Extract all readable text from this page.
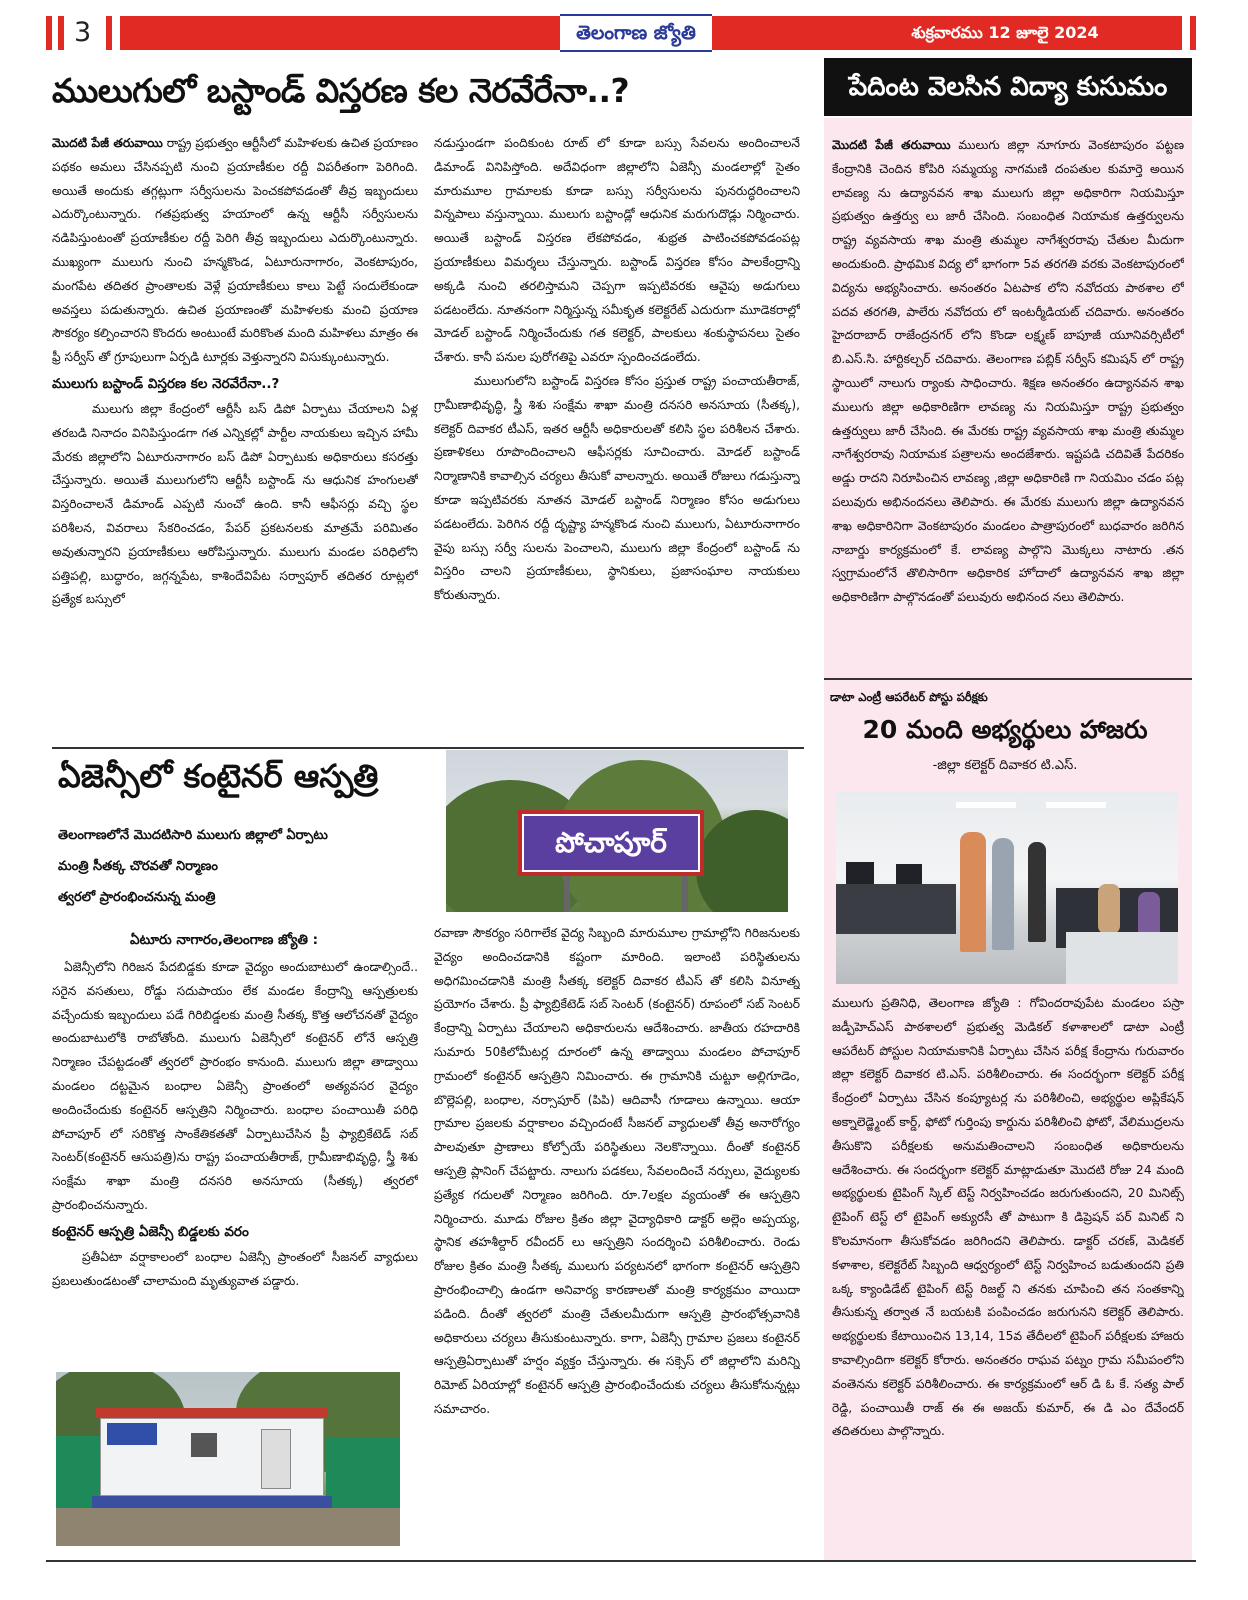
3	తెలంగాణ జ్యోతి	శుక్రవారము 12 జూలై 2024
ములుగులో బస్టాండ్ విస్తరణ కల నెరవేరేనా..?

మొదటి పేజీ తరువాయి రాష్ట్ర ప్రభుత్వం ఆర్టీసీలో మహిళలకు ఉచిత ప్రయాణం పథకం అమలు చేసినప్పటి నుంచి ప్రయాణీకుల రద్దీ విపరీతంగా పెరిగింది. అయితే అందుకు తగ్గట్లుగా సర్వీసులను పెంచకపోవడంతో తీవ్ర ఇబ్బందులు ఎదుర్కొంటున్నారు. గతప్రభుత్వ హయాంలో ఉన్న ఆర్టీసీ సర్వీసులను నడిపిస్తుంటంతో ప్రయాణీకుల రద్దీ పెరిగి తీవ్ర ఇబ్బందులు ఎదుర్కొంటున్నారు. ముఖ్యంగా ములుగు నుంచి హన్మకొండ, ఏటూరునాగారం, వెంకటాపురం, మంగపేట తదితర ప్రాంతాలకు వెళ్లే ప్రయాణీకులు కాలు పెట్టే సందులేకుండా అవస్తలు పడుతున్నారు. ఉచిత ప్రయాణంతో మహిళలకు మంచి ప్రయాణ సౌకర్యం కల్పించారని కొందరు అంటుంటే మరికొంత మంది మహిళలు మాత్రం ఈ ఫ్రీ సర్వీస్ తో గ్రూపులుగా ఏర్పడి టూర్లకు వెళ్తున్నారని విసుక్కుంటున్నారు.

ములుగు బస్టాండ్ విస్తరణ కల నెరవేరేనా..?

ములుగు జిల్లా కేంద్రంలో ఆర్టీసీ బస్ డిపో ఏర్పాటు చేయాలని ఏళ్ల తరబడి నినాదం వినిపిస్తుండగా గత ఎన్నికల్లో పార్టీల నాయకులు ఇచ్చిన హామీ మేరకు జిల్లాలోని ఏటూరునాగారం బస్ డిపో ఏర్పాటుకు అధికారులు కసరత్తు చేస్తున్నారు. అయితే ములుగులోని ఆర్టీసీ బస్టాండ్ ను ఆధునిక హంగులతో విస్తరించాలనే డిమాండ్ ఎప్పటి నుంచో ఉంది. కానీ ఆఫీసర్లు వచ్చి స్థల పరిశీలన, వివరాలు సేకరించడం, పేపర్ ప్రకటనలకు మాత్రమే పరిమితం అవుతున్నారని ప్రయాణీకులు ఆరోపిస్తున్నారు. ములుగు మండల పరిధిలోని పత్తిపల్లి, బుద్ధారం, జగ్గన్నపేట, కాశిందేవిపేట సర్వాపూర్ తదితర రూట్లలో ప్రత్యేక బస్సులో

నడుస్తుండగా పందికుంట రూట్ లో కూడా బస్సు సేవలను అందించాలనే డిమాండ్ వినిపిస్తోంది. అదేవిధంగా జిల్లాలోని ఏజెన్సీ మండలాల్లో సైతం మారుమూల గ్రామాలకు కూడా బస్సు సర్వీసులను పునరుద్ధరించాలని విన్నపాలు వస్తున్నాయి. ములుగు బస్టాండ్లో ఆధునిక మరుగుదొడ్లు నిర్మించారు. అయితే బస్టాండ్ విస్తరణ లేకపోవడం, శుభ్రత పాటించకపోవడంపట్ల ప్రయాణీకులు విమర్శలు చేస్తున్నారు. బస్టాండ్ విస్తరణ కోసం పాలకేంద్రాన్ని అక్కడి నుంచి తరలిస్తామని చెప్పగా ఇప్పటివరకు ఆవైపు అడుగులు పడటంలేదు. నూతనంగా నిర్మిస్తున్న సమీకృత కలెక్టరేట్ ఎదురుగా మూడెకరాల్లో మోడల్ బస్టాండ్ నిర్మించేందుకు గత కలెక్టర్, పాలకులు శంకుస్థాపనలు సైతం చేశారు. కానీ పనుల పురోగతిపై ఎవరూ స్పందించడంలేదు.

ములుగులోని బస్టాండ్ విస్తరణ కోసం ప్రస్తుత రాష్ట్ర పంచాయతీరాజ్, గ్రామీణాభివృద్ధి, స్త్రీ శిశు సంక్షేమ శాఖా మంత్రి దనసరి అనసూయ (సీతక్క), కలెక్టర్ దివాకర టీఎస్, ఇతర ఆర్టీసీ అధికారులతో కలిసి స్థల పరిశీలన చేశారు. ప్రణాళికలు రూపొందించాలని ఆఫీసర్లకు సూచించారు. మోడల్ బస్టాండ్ నిర్మాణానికి కావాల్సిన చర్యలు తీసుకో వాలన్నారు. అయితే రోజులు గడుస్తున్నా కూడా ఇప్పటివరకు నూతన మోడల్ బస్టాండ్ నిర్మాణం కోసం అడుగులు పడటంలేదు. పెరిగిన రద్దీ దృష్ట్యా హన్మకొండ నుంచి ములుగు, ఏటూరునాగారం వైపు బస్సు సర్వీ సులను పెంచాలని, ములుగు జిల్లా కేంద్రంలో బస్టాండ్ ను విస్తరిం చాలని ప్రయాణీకులు, స్థానికులు, ప్రజాసంఘాల నాయకులు కోరుతున్నారు.

ఏజెన్సీలో కంటైనర్ ఆస్పత్రి
తెలంగాణలోనే మొదటిసారి ములుగు జిల్లాలో ఏర్పాటు
మంత్రి సీతక్క చొరవతో నిర్మాణం
త్వరలో ప్రారంభించనున్న మంత్రి
ఏటూరు నాగారం,తెలంగాణ జ్యోతి :

ఏజెన్సీలోని గిరిజన పేదబిడ్డకు కూడా వైద్యం అందుబాటులో ఉండాల్సిందే.. సరైన వసతులు, రోడ్డు సదుపాయం లేక మండల కేంద్రాన్ని ఆస్పత్రులకు వచ్చేందుకు ఇబ్బందులు పడే గిరిబిడ్డలకు మంత్రి సీతక్క కొత్త ఆలోచనతో వైద్యం అందుబాటులోకి రాబోతోంది. ములుగు ఏజెన్సీలో కంటైనర్ లోనే ఆస్పత్రి నిర్మాణం చేపట్టడంతో త్వరలో ప్రారంభం కానుంది. ములుగు జిల్లా తాడ్వాయి మండలం దట్టమైన బంధాల ఏజెన్సీ ప్రాంతంలో అత్యవసర వైద్యం అందించేందుకు కంటైనర్ ఆస్పత్రిని నిర్మించారు. బంధాల పంచాయితీ పరిధి పోచాపూర్ లో సరికొత్త సాంకేతికతతో ఏర్పాటుచేసిన ప్రీ ఫ్యాబ్రికేటెడ్ సబ్ సెంటర్(కంటైనర్ ఆసుపత్రి)ను రాష్ట్ర పంచాయతీరాజ్, గ్రామీణాభివృద్ధి, స్త్రీ శిశు సంక్షేమ శాఖా మంత్రి దనసరి అనసూయ (సీతక్క) త్వరలో ప్రారంభించనున్నారు.

కంటైనర్ ఆస్పత్రి ఏజెన్సీ బిడ్డలకు వరం

ప్రతీఏటా వర్షాకాలంలో బంధాల ఏజెన్సీ ప్రాంతంలో సీజనల్ వ్యాధులు ప్రబలుతుండటంతో చాలామంది మృత్యువాత పడ్డారు.

పోచాపూర్

రవాణా సౌకర్యం సరిగాలేక వైద్య సిబ్బంది మారుమూల గ్రామాల్లోని గిరిజనులకు వైద్యం అందించడానికి కష్టంగా మారింది. ఇలాంటి పరిస్థితులను అధిగమించడానికి మంత్రి సీతక్క కలెక్టర్ దివాకర టీఎస్ తో కలిసి వినూత్న ప్రయోగం చేశారు. ప్రీ ఫ్యాబ్రికేటెడ్ సబ్ సెంటర్ (కంటైనర్) రూపంలో సబ్ సెంటర్ కేంద్రాన్ని ఏర్పాటు చేయాలని అధికారులను ఆదేశించారు. జాతీయ రహదారికి సుమారు 50కిలోమీటర్ల దూరంలో ఉన్న తాడ్వాయి మండలం పోచాపూర్ గ్రామంలో కంటైనర్ ఆస్పత్రిని నిమించారు. ఈ గ్రామానికి చుట్టూ అల్లిగూడెం, బొల్లెపల్లి, బంధాల, నర్సాపూర్ (పిపి) ఆదివాసీ గూడాలు ఉన్నాయి. ఆయా గ్రామాల ప్రజలకు వర్షాకాలం వచ్చిందంటే సీజనల్ వ్యాధులతో తీవ్ర అనారోగ్యం పాలవుతూ ప్రాణాలు కోల్పోయే పరిస్థితులు నెలకొన్నాయి. దీంతో కంటైనర్ ఆస్పత్రి ప్లానింగ్ చేపట్టారు. నాలుగు పడకలు, సేవలందించే నర్సులు, వైద్యులకు ప్రత్యేక గదులతో నిర్మాణం జరిగింది. రూ.7లక్షల వ్యయంతో ఈ ఆస్పత్రిని నిర్మించారు. మూడు రోజుల క్రితం జిల్లా వైద్యాధికారి డాక్టర్ అల్లెం అప్పయ్య, స్థానిక తహశీల్దార్ రవీందర్ లు ఆస్పత్రిని సందర్శించి పరిశీలించారు. రెండు రోజుల క్రితం మంత్రి సీతక్క ములుగు పర్యటనలో భాగంగా కంటైనర్ ఆస్పత్రిని ప్రారంభించాల్సి ఉండగా అనివార్య కారణాలతో మంత్రి కార్యక్రమం వాయిదా పడింది. దీంతో త్వరలో మంత్రి చేతులమీదుగా ఆస్పత్రి ప్రారంభోత్సవానికి అధికారులు చర్యలు తీసుకుంటున్నారు. కాగా, ఏజెన్సీ గ్రామాల ప్రజలు కంటైనర్ ఆస్పత్రిఏర్పాటుతో హర్షం వ్యక్తం చేస్తున్నారు. ఈ సక్సెస్ లో జిల్లాలోని మరిన్ని రిమోట్ ఏరియాల్లో కంటైనర్ ఆస్పత్రి ప్రారంభించేందుకు చర్యలు తీసుకోనున్నట్లు సమాచారం.

పేదింట వెలసిన విద్యా కుసుమం

మొదటి పేజీ తరువాయి ములుగు జిల్లా నూగూరు వెంకటాపురం పట్టణ కేంద్రానికి చెందిన కోపిరి సమ్మయ్య నాగమణి దంపతుల కుమార్తె అయిన లావణ్య ను ఉద్యానవన శాఖ ములుగు జిల్లా అధికారిగా నియమిస్తూ ప్రభుత్వం ఉత్తర్వు లు జారీ చేసింది. సంబంధిత నియామక ఉత్తర్వులను రాష్ట్ర వ్యవసాయ శాఖ మంత్రి తుమ్మల నాగేశ్వరరావు చేతుల మీదుగా అందుకుంది. ప్రాథమిక విద్య లో భాగంగా 5వ తరగతి వరకు వెంకటాపురంలో విద్యను అభ్యసించారు. అనంతరం ఏటపాక లోని నవోదయ పాఠశాల లో పదవ తరగతి, పాలేరు నవోదయ లో ఇంటర్మీడియట్ చదివారు. అనంతరం హైదరాబాద్ రాజేంద్రనగర్ లోని కొండా లక్ష్మణ్ బాపూజీ యూనివర్సిటీలో బి.ఎస్.సి. హార్టికల్చర్ చదివారు. తెలంగాణ పబ్లిక్ సర్వీస్ కమిషన్ లో రాష్ట్ర స్థాయిలో నాలుగు ర్యాంకు సాధించారు. శిక్షణ అనంతరం ఉద్యానవన శాఖ ములుగు జిల్లా అధికారిణిగా లావణ్య ను నియమిస్తూ రాష్ట్ర ప్రభుత్వం ఉత్తర్వులు జారీ చేసింది. ఈ మేరకు రాష్ట్ర వ్యవసాయ శాఖ మంత్రి తుమ్మల నాగేశ్వరరావు నియామక పత్రాలను అందజేశారు. ఇష్టపడి చదివితే పేదరికం అడ్డు రాదని నిరూపించిన లావణ్య ,జిల్లా అధికారిణి గా నియమిం చడం పట్ల పలువురు అభినందనలు తెలిపారు. ఈ మేరకు ములుగు జిల్లా ఉద్యానవన శాఖ అధికారినిగా వెంకటాపురం మండలం పాత్రాపురంలో బుధవారం జరిగిన నాబార్డు కార్యక్రమంలో కే. లావణ్య పాల్గొని మొక్కలు నాటారు .తన స్వగ్రామంలోనే తొలిసారిగా అధికారిక హోదాలో ఉద్యానవన శాఖ జిల్లా అధికారిణిగా పాల్గొనడంతో పలువురు అభినంద నలు తెలిపారు.

డాటా ఎంట్రీ ఆపరేటర్ పోస్టు పరీక్షకు
20 మంది అభ్యర్థులు హాజరు
-జిల్లా కలెక్టర్ దివాకర టి.ఎస్.

ములుగు ప్రతినిధి, తెలంగాణ జ్యోతి : గోవిందరావుపేట మండలం పస్రా జడ్పీహెచ్ఎస్ పాఠశాలలో ప్రభుత్వ మెడికల్ కళాశాలలో డాటా ఎంట్రీ ఆపరేటర్ పోస్టుల నియామకానికి ఏర్పాటు చేసిన పరీక్ష కేంద్రాను గురువారం జిల్లా కలెక్టర్ దివాకర టి.ఎస్. పరిశీలించారు. ఈ సందర్భంగా కలెక్టర్ పరీక్ష కేంద్రంలో ఏర్పాటు చేసిన కంప్యూటర్ల ను పరిశీలించి, అభ్యర్థుల అప్లికేషన్ అక్నాలెడ్జ్మెంట్ కార్డ్, ఫోటో గుర్తింపు కార్డును పరిశీలించి ఫోటో, వేలిముద్రలను తీసుకొని పరీక్షలకు అనుమతించాలని సంబంధిత అధికారులను ఆదేశించారు. ఈ సందర్భంగా కలెక్టర్ మాట్లాడుతూ మొదటి రోజు 24 మంది అభ్యర్థులకు టైపింగ్ స్కిల్ టెస్ట్ నిర్వహించడం జరుగుతుందని, 20 మినిట్స్ టైపింగ్ టెస్ట్ లో టైపింగ్ అక్యురసీ తో పాటుగా కి డిప్రెషన్ పర్ మినిట్ ని కొలమానంగా తీసుకోవడం జరిగిందని తెలిపారు. డాక్టర్ చరణ్, మెడికల్ కళాశాల, కలెక్టరేట్ సిబ్బంది ఆధ్వర్యంలో టెస్ట్ నిర్వహించ బడుతుందని ప్రతి ఒక్క క్యాండిడేట్ టైపింగ్ టెస్ట్ రిజల్ట్ ని తనకు చూపించి తన సంతకాన్ని తీసుకున్న తర్వాత నే బయటకి పంపించడం జరుగునని కలెక్టర్ తెలిపారు. అభ్యర్థులకు కేటాయించిన 13,14, 15వ తేదీలలో టైపింగ్ పరీక్షలకు హాజరు కావాల్సిందిగా కలెక్టర్ కోరారు. అనంతరం రాఘవ పట్నం గ్రామ సమీపంలోని వంతెనను కలెక్టర్ పరిశీలించారు. ఈ కార్యక్రమంలో ఆర్ డి ఓ కే. సత్య పాల్ రెడ్డి, పంచాయితీ రాజ్ ఈ ఈ అజయ్ కుమార్, ఈ డి ఎం దేవేందర్ తదితరులు పాల్గొన్నారు.
